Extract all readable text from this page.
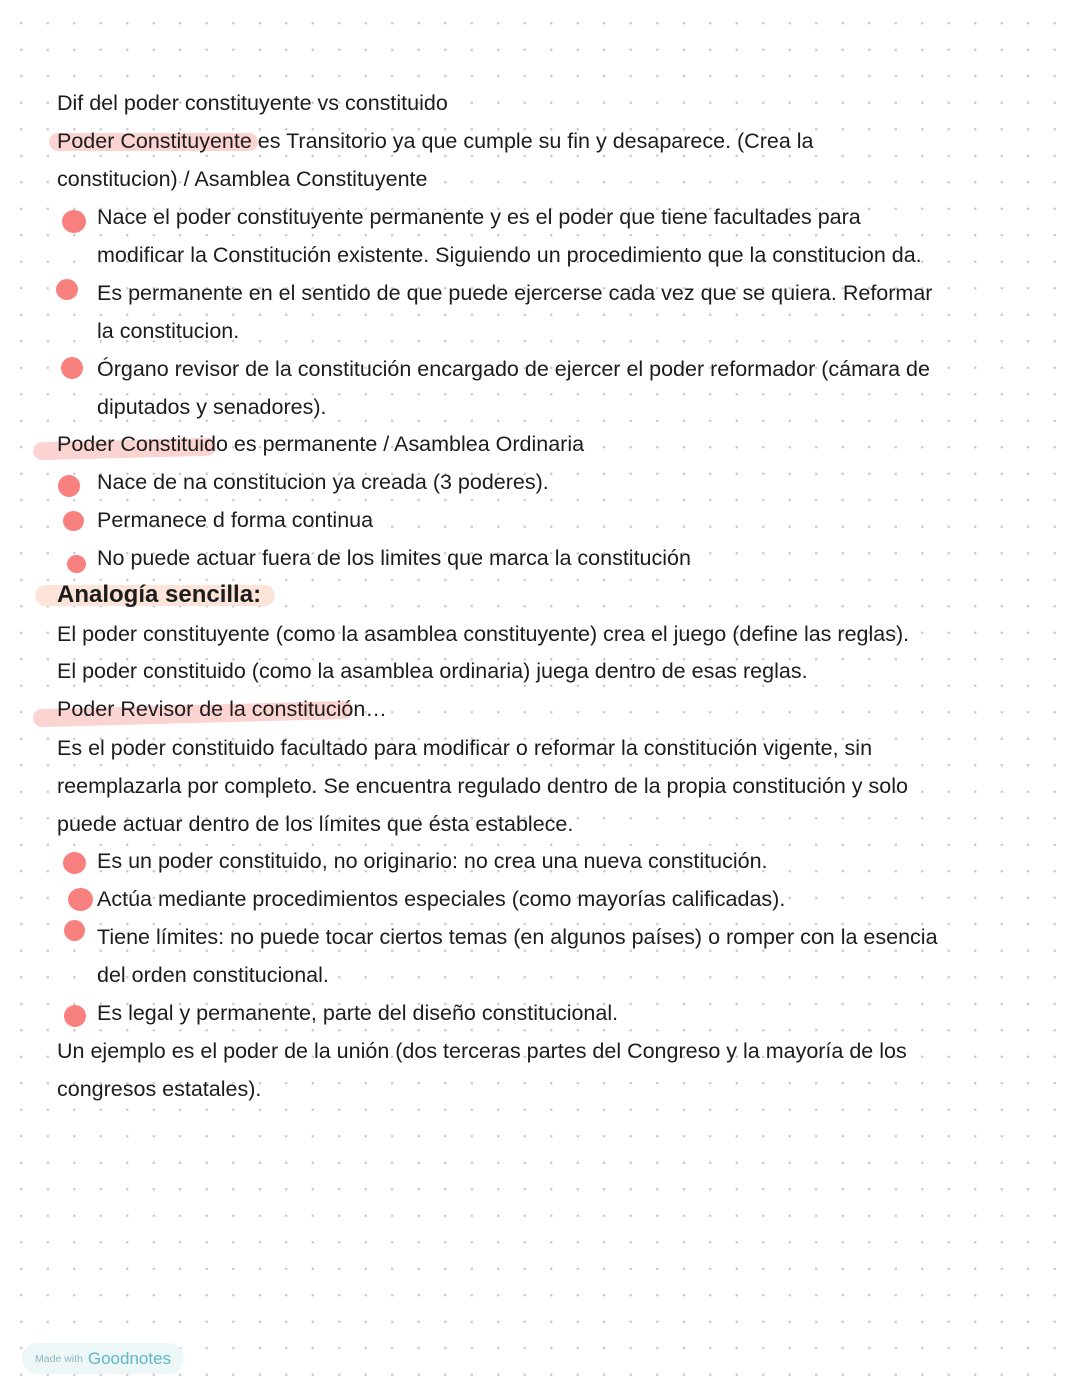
Dif del poder constituyente vs constituido

Poder Constituyente es Transitorio ya que cumple su fin y desaparece. (Crea la

constitucion) / Asamblea Constituyente

Nace el poder constituyente permanente y es el poder que tiene facultades para

modificar la Constitución existente. Siguiendo un procedimiento que la constitucion da.

Es permanente en el sentido de que puede ejercerse cada vez que se quiera. Reformar

la constitucion.

Órgano revisor de la constitución encargado de ejercer el poder reformador (cámara de

diputados y senadores).

Poder Constituido es permanente / Asamblea Ordinaria

Nace de na constitucion ya creada (3 poderes).

Permanece d forma continua

No puede actuar fuera de los limites que marca la constitución

Analogía sencilla:

El poder constituyente (como la asamblea constituyente) crea el juego (define las reglas).

El poder constituido (como la asamblea ordinaria) juega dentro de esas reglas.

Poder Revisor de la constitución…

Es el poder constituido facultado para modificar o reformar la constitución vigente, sin

reemplazarla por completo. Se encuentra regulado dentro de la propia constitución y solo

puede actuar dentro de los límites que ésta establece.

Es un poder constituido, no originario: no crea una nueva constitución.

Actúa mediante procedimientos especiales (como mayorías calificadas).

Tiene límites: no puede tocar ciertos temas (en algunos países) o romper con la esencia

del orden constitucional.

Es legal y permanente, parte del diseño constitucional.

Un ejemplo es el poder de la unión (dos terceras partes del Congreso y la mayoría de los

congresos estatales).

Made with Goodnotes
